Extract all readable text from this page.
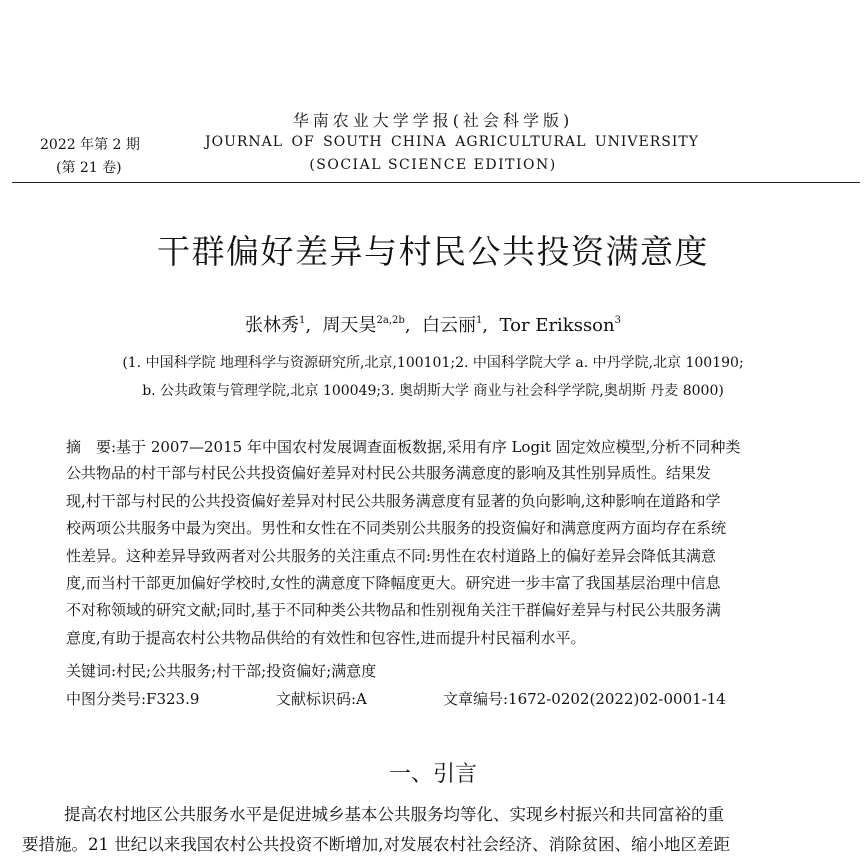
华南农业大学学报(社会科学版)
2022 年第 2 期
(第 21 卷)
JOURNAL OF SOUTH CHINA AGRICULTURAL UNIVERSITY
(SOCIAL SCIENCE EDITION)
干群偏好差异与村民公共投资满意度
张林秀$^1$,  周天昊$^{2a,2b}$,  白云丽$^1$,  Tor Eriksson$^3$
(1. 中国科学院 地理科学与资源研究所,北京,100101;2. 中国科学院大学 a. 中丹学院,北京 100190;
b. 公共政策与管理学院,北京 100049;3. 奥胡斯大学 商业与社会科学学院,奥胡斯 丹麦 8000)
摘　要:基于 2007—2015 年中国农村发展调查面板数据,采用有序 Logit 固定效应模型,分析不同种类
公共物品的村干部与村民公共投资偏好差异对村民公共服务满意度的影响及其性别异质性。结果发
现,村干部与村民的公共投资偏好差异对村民公共服务满意度有显著的负向影响,这种影响在道路和学
校两项公共服务中最为突出。男性和女性在不同类别公共服务的投资偏好和满意度两方面均存在系统
性差异。这种差异导致两者对公共服务的关注重点不同:男性在农村道路上的偏好差异会降低其满意
度,而当村干部更加偏好学校时,女性的满意度下降幅度更大。研究进一步丰富了我国基层治理中信息
不对称领域的研究文献;同时,基于不同种类公共物品和性别视角关注干群偏好差异与村民公共服务满
意度,有助于提高农村公共物品供给的有效性和包容性,进而提升村民福利水平。
关键词:村民;公共服务;村干部;投资偏好;满意度
中图分类号:F323.9	文献标识码:A	文章编号:1672-0202(2022)02-0001-14
一、引言
提高农村地区公共服务水平是促进城乡基本公共服务均等化、实现乡村振兴和共同富裕的重
要措施。21 世纪以来我国农村公共投资不断增加,对发展农村社会经济、消除贫困、缩小地区差距
